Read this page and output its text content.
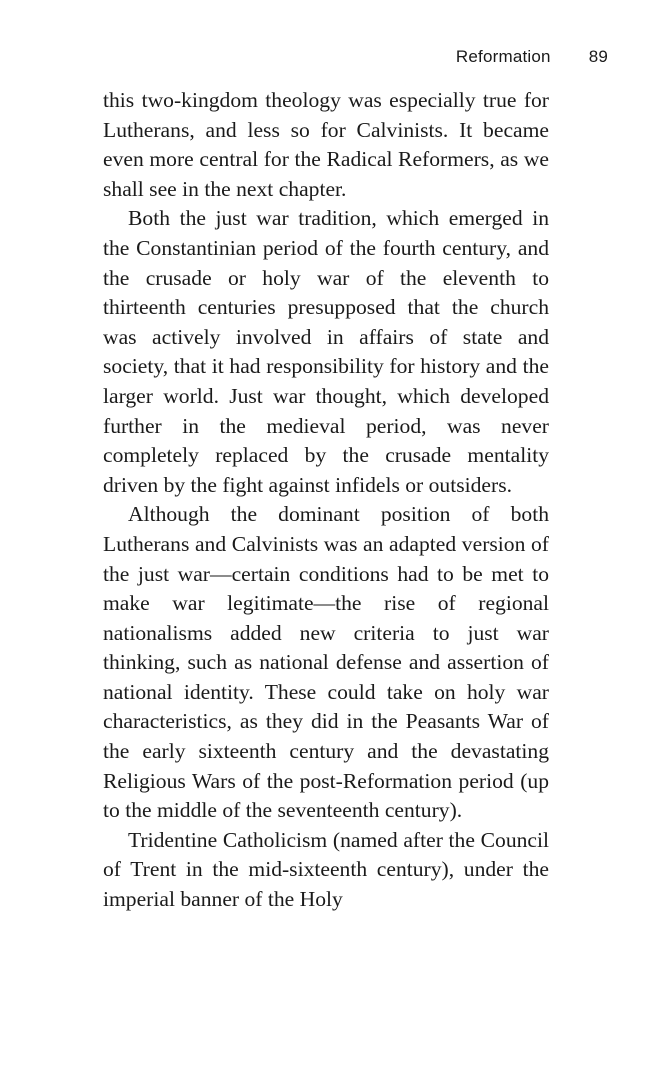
Reformation 89

this two-kingdom theology was especially true for Lutherans, and less so for Calvinists. It became even more central for the Radical Reformers, as we shall see in the next chapter.

Both the just war tradition, which emerged in the Constantinian period of the fourth century, and the crusade or holy war of the eleventh to thirteenth centuries presupposed that the church was actively involved in affairs of state and society, that it had responsibility for history and the larger world. Just war thought, which developed further in the medieval period, was never completely replaced by the crusade mentality driven by the fight against infidels or outsiders.

Although the dominant position of both Lutherans and Calvinists was an adapted version of the just war—certain conditions had to be met to make war legitimate—the rise of regional nationalisms added new criteria to just war thinking, such as national defense and assertion of national identity. These could take on holy war characteristics, as they did in the Peasants War of the early sixteenth century and the devastating Religious Wars of the post-Reformation period (up to the middle of the seventeenth century).

Tridentine Catholicism (named after the Council of Trent in the mid-sixteenth century), under the imperial banner of the Holy
